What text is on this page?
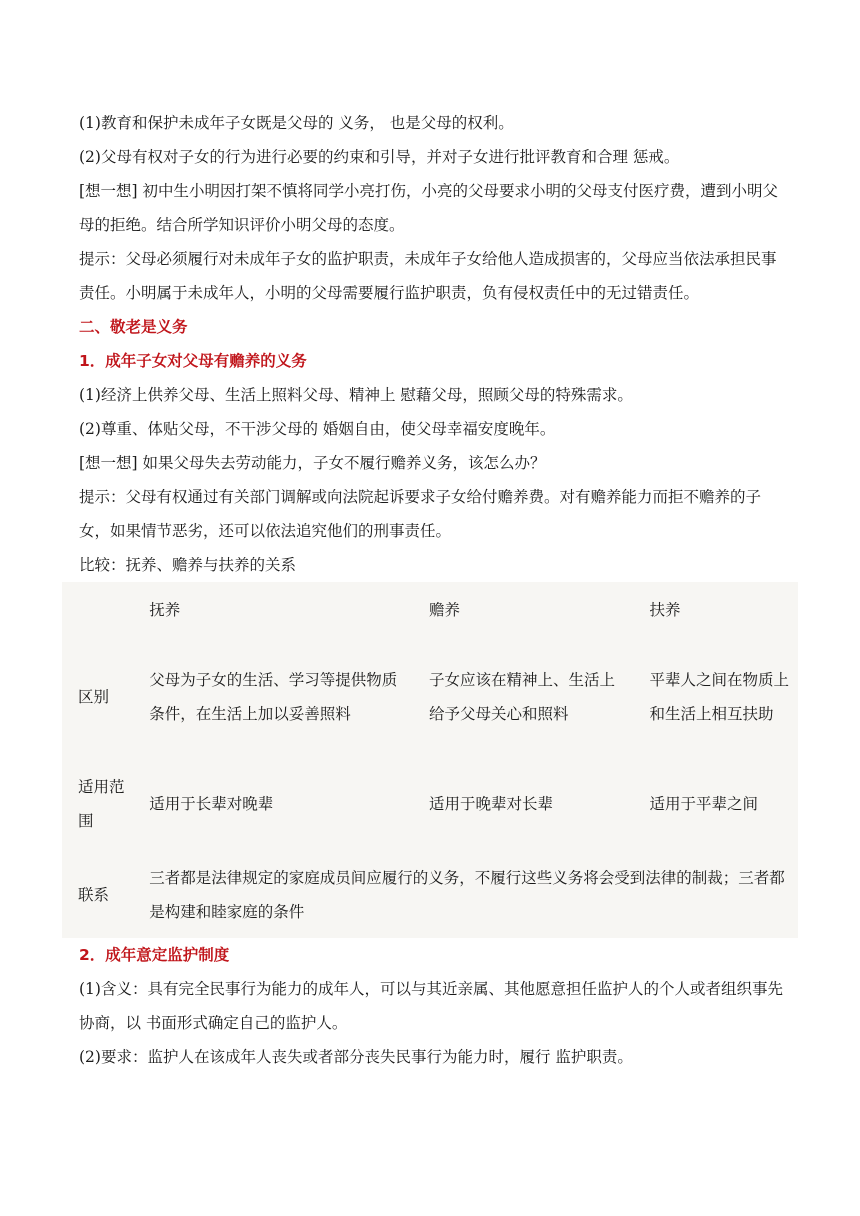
(1)教育和保护未成年子女既是父母的 义务， 也是父母的权利。

(2)父母有权对子女的行为进行必要的约束和引导，并对子女进行批评教育和合理 惩戒。

[想一想] 初中生小明因打架不慎将同学小亮打伤，小亮的父母要求小明的父母支付医疗费，遭到小明父母的拒绝。结合所学知识评价小明父母的态度。

提示：父母必须履行对未成年子女的监护职责，未成年子女给他人造成损害的，父母应当依法承担民事责任。小明属于未成年人，小明的父母需要履行监护职责，负有侵权责任中的无过错责任。

二、敬老是义务

1．成年子女对父母有赡养的义务

(1)经济上供养父母、生活上照料父母、精神上 慰藉父母，照顾父母的特殊需求。

(2)尊重、体贴父母，不干涉父母的 婚姻自由，使父母幸福安度晚年。

[想一想] 如果父母失去劳动能力，子女不履行赡养义务，该怎么办？

提示：父母有权通过有关部门调解或向法院起诉要求子女给付赡养费。对有赡养能力而拒不赡养的子女，如果情节恶劣，还可以依法追究他们的刑事责任。

比较：抚养、赡养与扶养的关系

	抚养	赡养	扶养
区别	父母为子女的生活、学习等提供物质条件，在生活上加以妥善照料	子女应该在精神上、生活上给予父母关心和照料	平辈人之间在物质上和生活上相互扶助
适用范围	适用于长辈对晚辈	适用于晚辈对长辈	适用于平辈之间
联系	三者都是法律规定的家庭成员间应履行的义务，不履行这些义务将会受到法律的制裁；三者都是构建和睦家庭的条件		

2．成年意定监护制度

(1)含义：具有完全民事行为能力的成年人，可以与其近亲属、其他愿意担任监护人的个人或者组织事先协商，以 书面形式确定自己的监护人。

(2)要求：监护人在该成年人丧失或者部分丧失民事行为能力时，履行 监护职责。
